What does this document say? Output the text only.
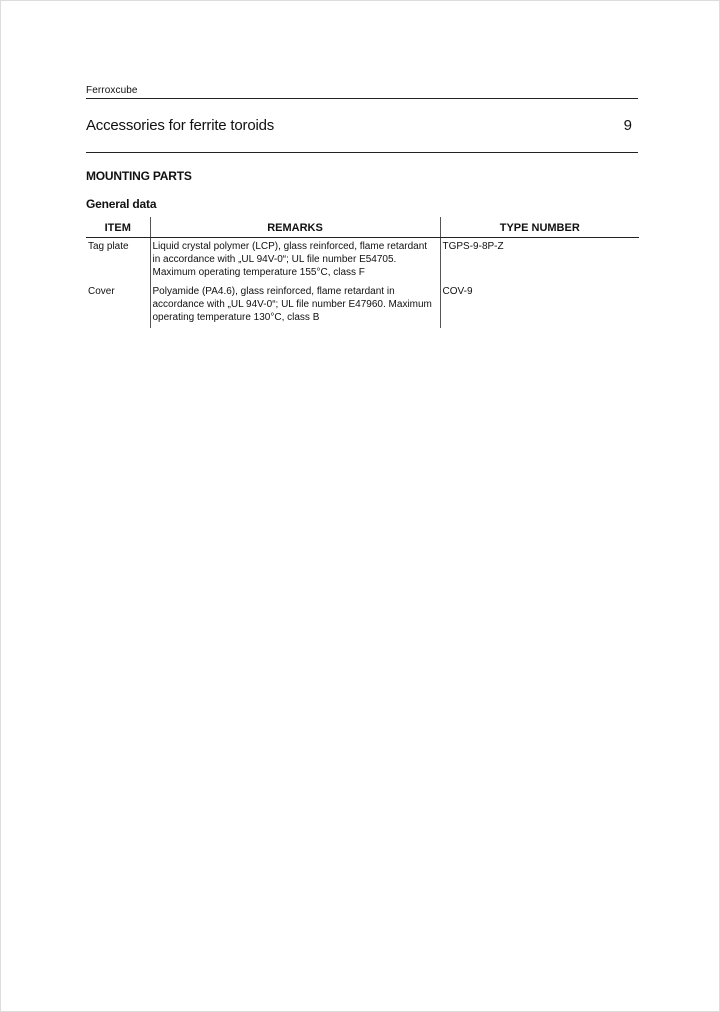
Ferroxcube
Accessories for ferrite toroids	9
MOUNTING PARTS
General data
ITEM	REMARKS	TYPE NUMBER
Tag plate	Liquid crystal polymer (LCP), glass reinforced, flame retardant in accordance with „UL 94V-0“; UL file number E54705. Maximum operating temperature 155°C, class F	TGPS-9-8P-Z
Cover	Polyamide (PA4.6), glass reinforced, flame retardant in accordance with „UL 94V-0“; UL file number E47960. Maximum operating temperature 130°C, class B	COV-9
